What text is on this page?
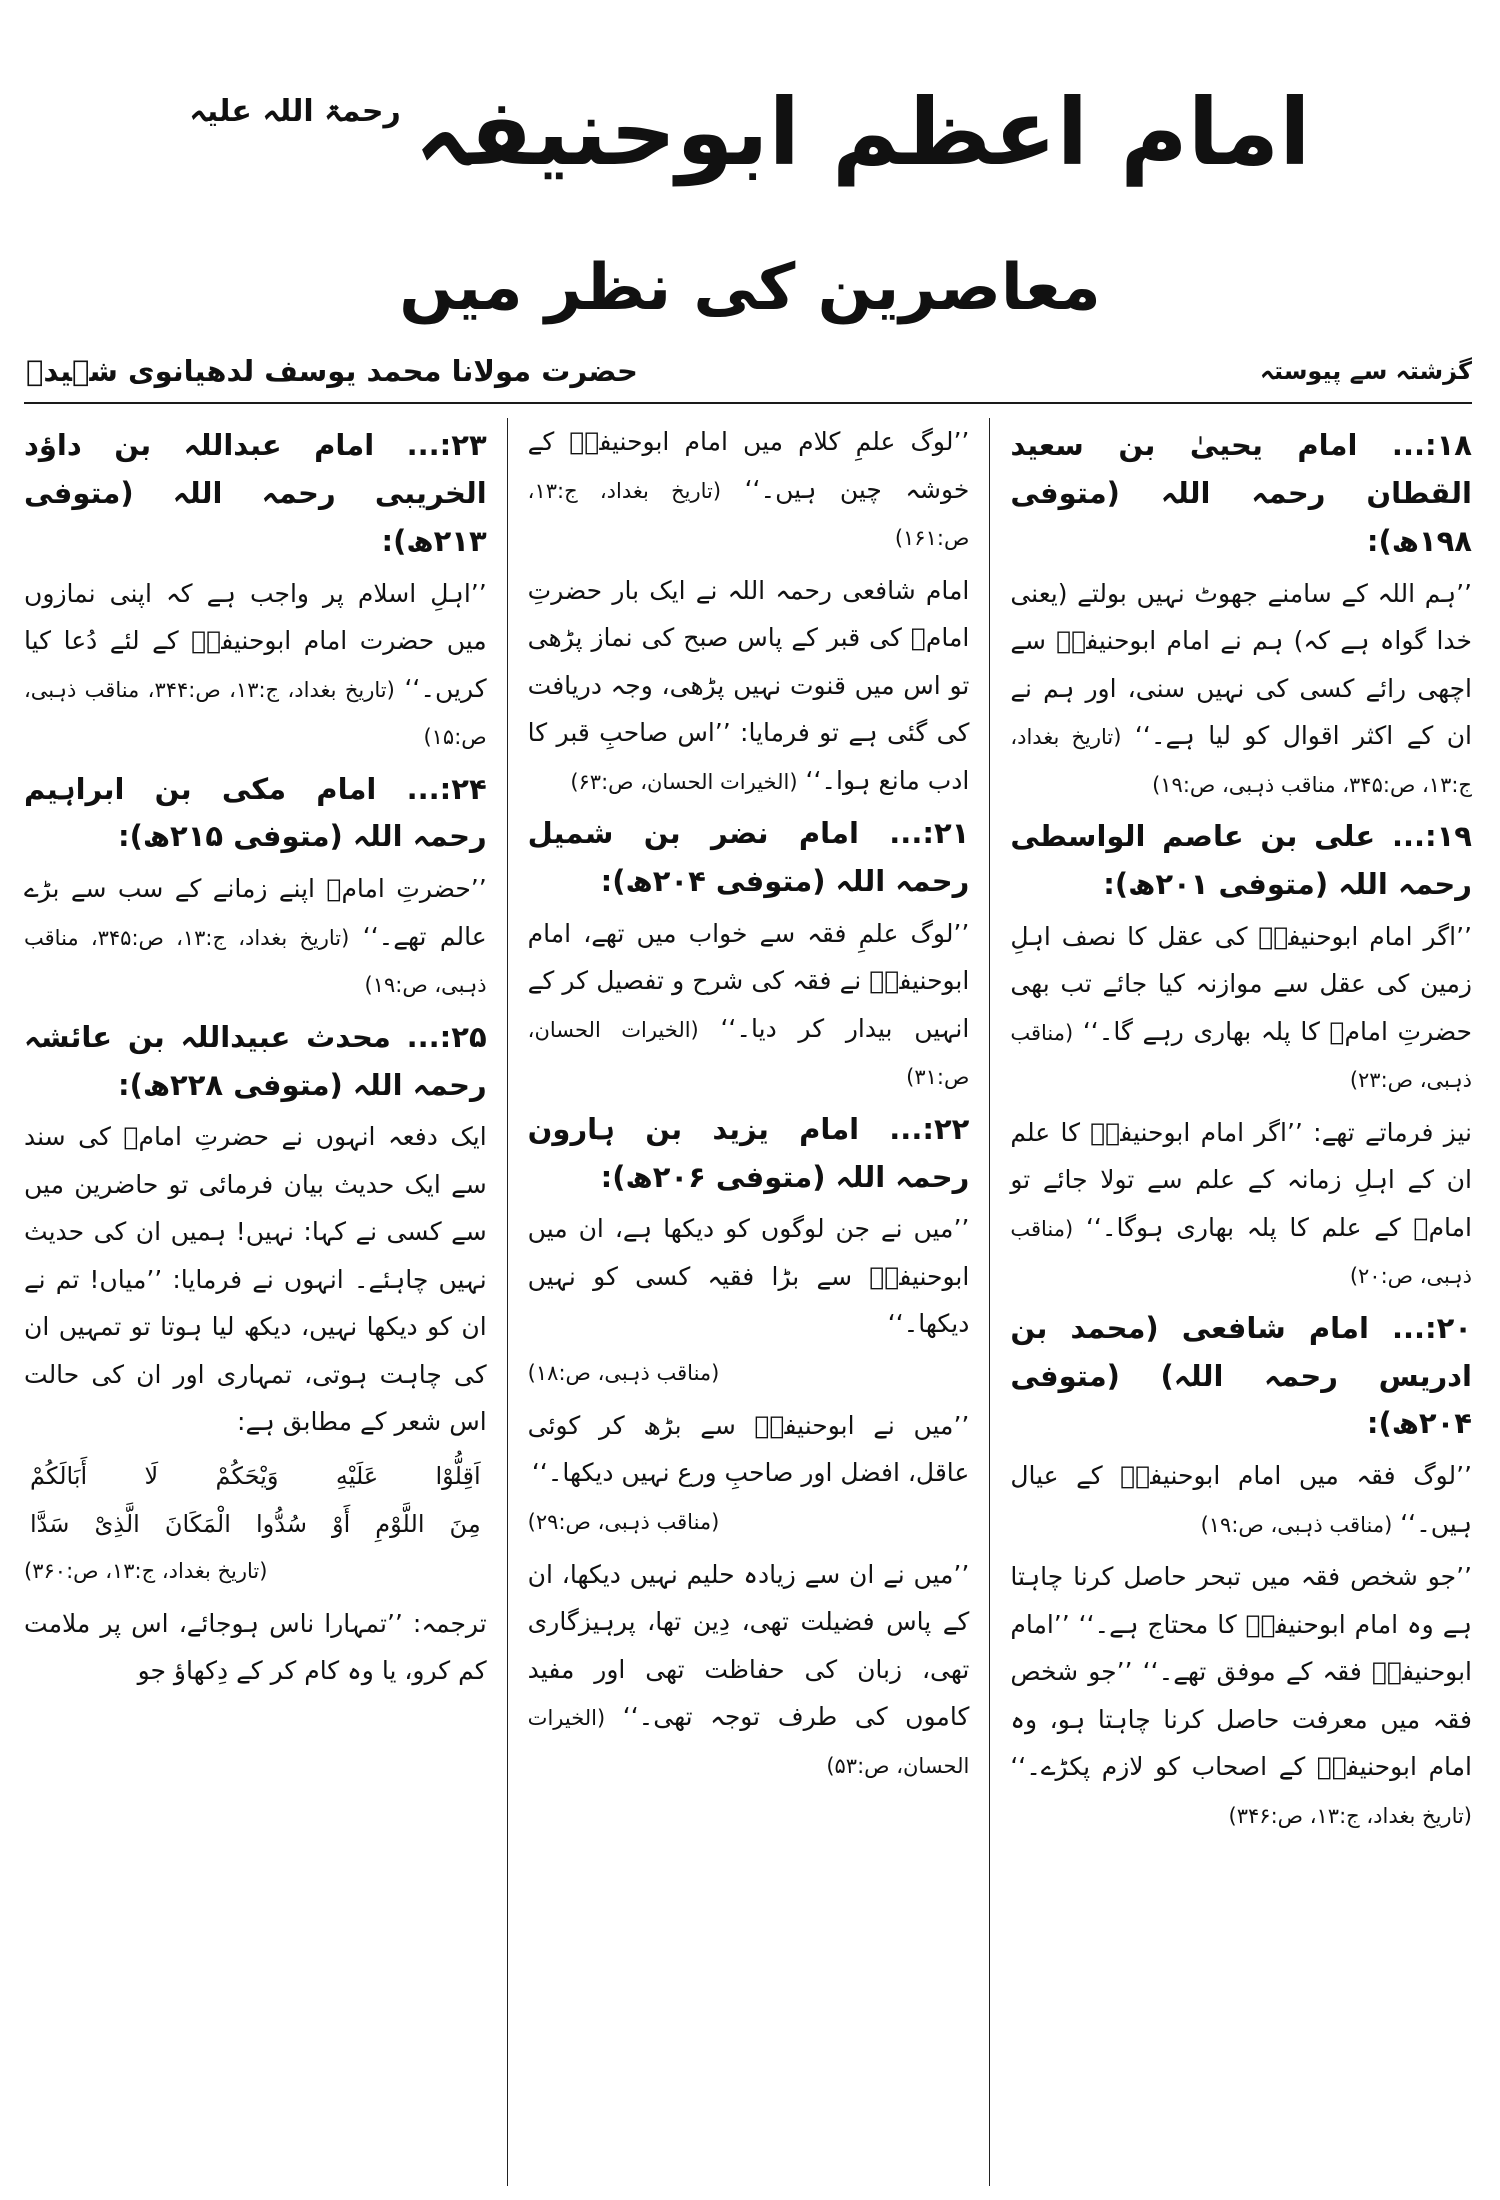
امام اعظم ابوحنیفہ
رحمۃ اللہ علیہ
معاصرین کی نظر میں
گزشتہ سے پیوستہ
حضرت مولانا محمد یوسف لدھیانوی شہیدؒ
۱۸:... امام یحییٰ بن سعید القطان رحمہ اللہ (متوفی ۱۹۸ھ):

’’ہم اللہ کے سامنے جھوٹ نہیں بولتے (یعنی خدا گواہ ہے کہ) ہم نے امام ابوحنیفہؒ سے اچھی رائے کسی کی نہیں سنی، اور ہم نے ان کے اکثر اقوال کو لیا ہے۔‘‘ (تاریخ بغداد، ج:۱۳، ص:۳۴۵، مناقب ذہبی، ص:۱۹)

۱۹:... علی بن عاصم الواسطی رحمہ اللہ (متوفی ۲۰۱ھ):

’’اگر امام ابوحنیفہؒ کی عقل کا نصف اہلِ زمین کی عقل سے موازنہ کیا جائے تب بھی حضرتِ امامؒ کا پلہ بھاری رہے گا۔‘‘ (مناقب ذہبی، ص:۲۳)

نیز فرماتے تھے: ’’اگر امام ابوحنیفہؒ کا علم ان کے اہلِ زمانہ کے علم سے تولا جائے تو امامؒ کے علم کا پلہ بھاری ہوگا۔‘‘ (مناقب ذہبی، ص:۲۰)

۲۰:... امام شافعی (محمد بن ادریس رحمہ اللہ) (متوفی ۲۰۴ھ):

’’لوگ فقہ میں امام ابوحنیفہؒ کے عیال ہیں۔‘‘ (مناقب ذہبی، ص:۱۹)

’’جو شخص فقہ میں تبحر حاصل کرنا چاہتا ہے وہ امام ابوحنیفہؒ کا محتاج ہے۔‘‘ ’’امام ابوحنیفہؒ فقہ کے موفق تھے۔‘‘ ’’جو شخص فقہ میں معرفت حاصل کرنا چاہتا ہو، وہ امام ابوحنیفہؒ کے اصحاب کو لازم پکڑے۔‘‘ (تاریخ بغداد، ج:۱۳، ص:۳۴۶)

’’لوگ علمِ کلام میں امام ابوحنیفہؒ کے خوشہ چین ہیں۔‘‘ (تاریخ بغداد، ج:۱۳، ص:۱۶۱)

امام شافعی رحمہ اللہ نے ایک بار حضرتِ امامؒ کی قبر کے پاس صبح کی نماز پڑھی تو اس میں قنوت نہیں پڑھی، وجہ دریافت کی گئی ہے تو فرمایا: ’’اس صاحبِ قبر کا ادب مانع ہوا۔‘‘ (الخیرات الحسان، ص:۶۳)

۲۱:... امام نضر بن شمیل رحمہ اللہ (متوفی ۲۰۴ھ):

’’لوگ علمِ فقہ سے خواب میں تھے، امام ابوحنیفہؒ نے فقہ کی شرح و تفصیل کر کے انہیں بیدار کر دیا۔‘‘ (الخیرات الحسان، ص:۳۱)

۲۲:... امام یزید بن ہارون رحمہ اللہ (متوفی ۲۰۶ھ):

’’میں نے جن لوگوں کو دیکھا ہے، ان میں ابوحنیفہؒ سے بڑا فقیہ کسی کو نہیں دیکھا۔‘‘

(مناقب ذہبی، ص:۱۸)

’’میں نے ابوحنیفہؒ سے بڑھ کر کوئی عاقل، افضل اور صاحبِ ورع نہیں دیکھا۔‘‘

(مناقب ذہبی، ص:۲۹)

’’میں نے ان سے زیادہ حلیم نہیں دیکھا، ان کے پاس فضیلت تھی، دِین تھا، پرہیزگاری تھی، زبان کی حفاظت تھی اور مفید کاموں کی طرف توجہ تھی۔‘‘ (الخیرات الحسان، ص:۵۳)

۲۳:... امام عبداللہ بن داؤد الخریبی رحمہ اللہ (متوفی ۲۱۳ھ):

’’اہلِ اسلام پر واجب ہے کہ اپنی نمازوں میں حضرت امام ابوحنیفہؒ کے لئے دُعا کیا کریں۔‘‘ (تاریخ بغداد، ج:۱۳، ص:۳۴۴، مناقب ذہبی، ص:۱۵)

۲۴:... امام مکی بن ابراہیم رحمہ اللہ (متوفی ۲۱۵ھ):

’’حضرتِ امامؒ اپنے زمانے کے سب سے بڑے عالم تھے۔‘‘ (تاریخ بغداد، ج:۱۳، ص:۳۴۵، مناقب ذہبی، ص:۱۹)

۲۵:... محدث عبیداللہ بن عائشہ رحمہ اللہ (متوفی ۲۲۸ھ):

ایک دفعہ انہوں نے حضرتِ امامؒ کی سند سے ایک حدیث بیان فرمائی تو حاضرین میں سے کسی نے کہا: نہیں! ہمیں ان کی حدیث نہیں چاہئے۔ انہوں نے فرمایا: ’’میاں! تم نے ان کو دیکھا نہیں، دیکھ لیا ہوتا تو تمہیں ان کی چاہت ہوتی، تمہاری اور ان کی حالت اس شعر کے مطابق ہے:

اَقِلُّوْا عَلَیْهِ وَیْحَكُمْ لَا أَبَالَكُمْ

مِنَ اللَّوْمِ أَوْ سُدُّوا الْمَكَانَ الَّذِىْ سَدَّا

(تاریخ بغداد، ج:۱۳، ص:۳۶۰)

ترجمہ: ’’تمہارا ناس ہوجائے، اس پر ملامت کم کرو، یا وہ کام کر کے دِکھاؤ جو
